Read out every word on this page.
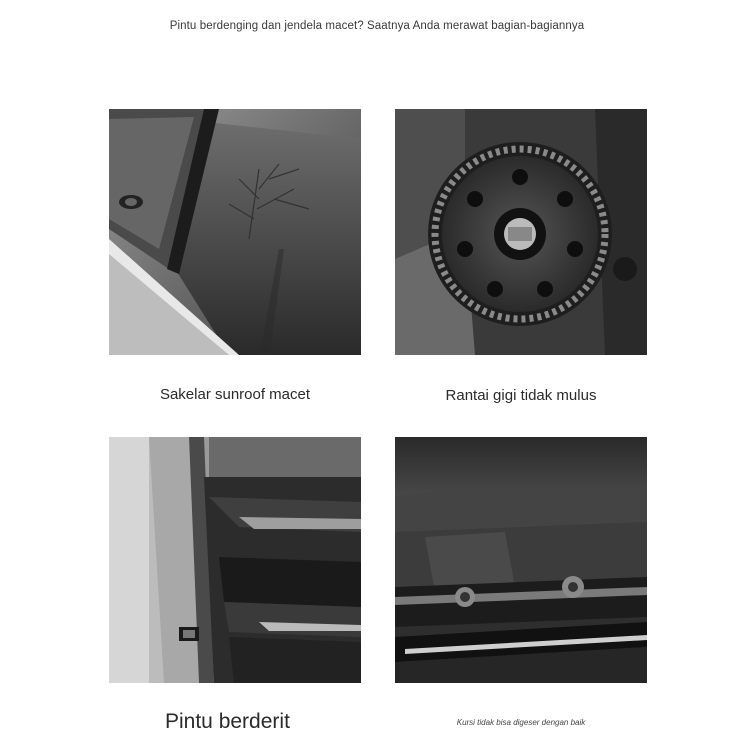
Pintu berdenging dan jendela macet? Saatnya Anda merawat bagian-bagiannya
Sakelar sunroof macet	Rantai gigi tidak mulus
Pintu berderit	Kursi tidak bisa digeser dengan baik
